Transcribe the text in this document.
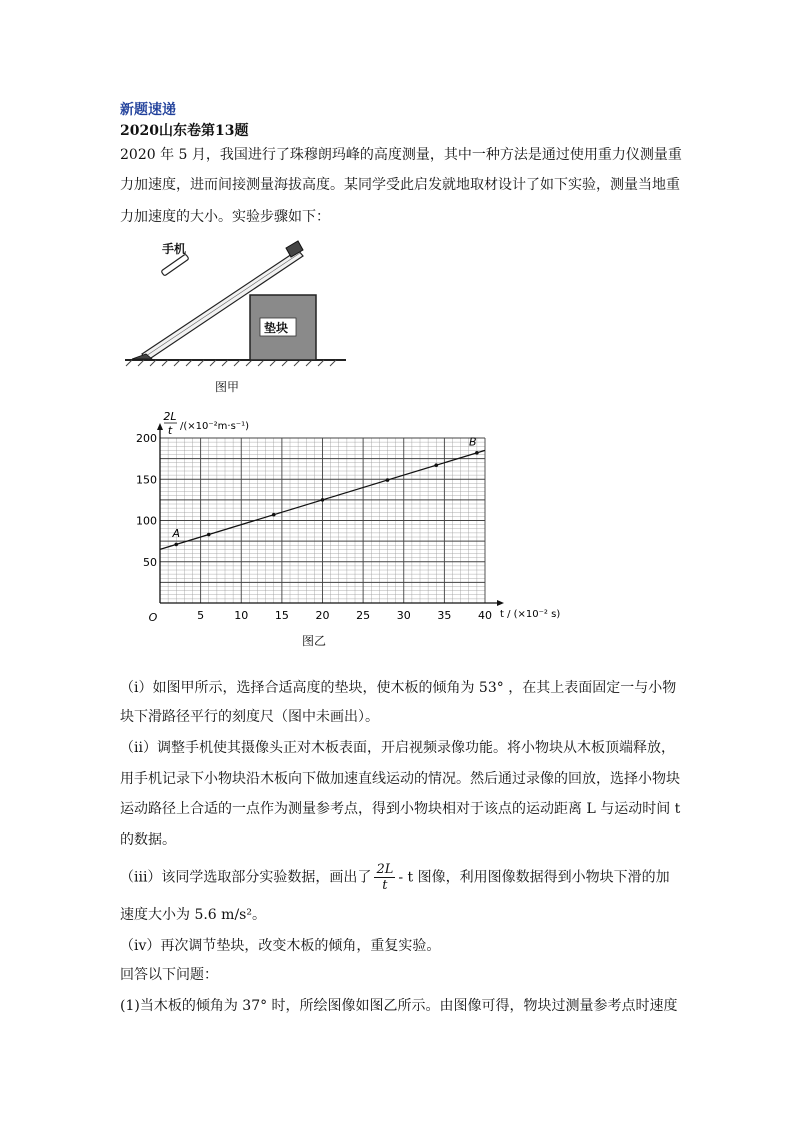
新题速递
2020山东卷第13题
2020 年 5 月，我国进行了珠穆朗玛峰的高度测量，其中一种方法是通过使用重力仪测量重
力加速度，进而间接测量海拔高度。某同学受此启发就地取材设计了如下实验，测量当地重
力加速度的大小。实验步骤如下：
手机
垫块
图甲
5	10 15 20 25 30 35 40
50
100
150
200
A
B
2L
t /(×10⁻²m·s⁻¹)
O	t / (×10⁻² s)
图乙
（i）如图甲所示，选择合适高度的垫块，使木板的倾角为 53° ，在其上表面固定一与小物
块下滑路径平行的刻度尺（图中未画出）。
（ii）调整手机使其摄像头正对木板表面，开启视频录像功能。将小物块从木板顶端释放，
用手机记录下小物块沿木板向下做加速直线运动的情况。然后通过录像的回放，选择小物块
运动路径上合适的一点作为测量参考点，得到小物块相对于该点的运动距离 L 与运动时间 t
的数据。
（iii）该同学选取部分实验数据，画出了 $\frac{2L}{t}$ - t 图像，利用图像数据得到小物块下滑的加
速度大小为 5.6 m/s²。
（iv）再次调节垫块，改变木板的倾角，重复实验。
回答以下问题：
(1)当木板的倾角为 37° 时，所绘图像如图乙所示。由图像可得，物块过测量参考点时速度
